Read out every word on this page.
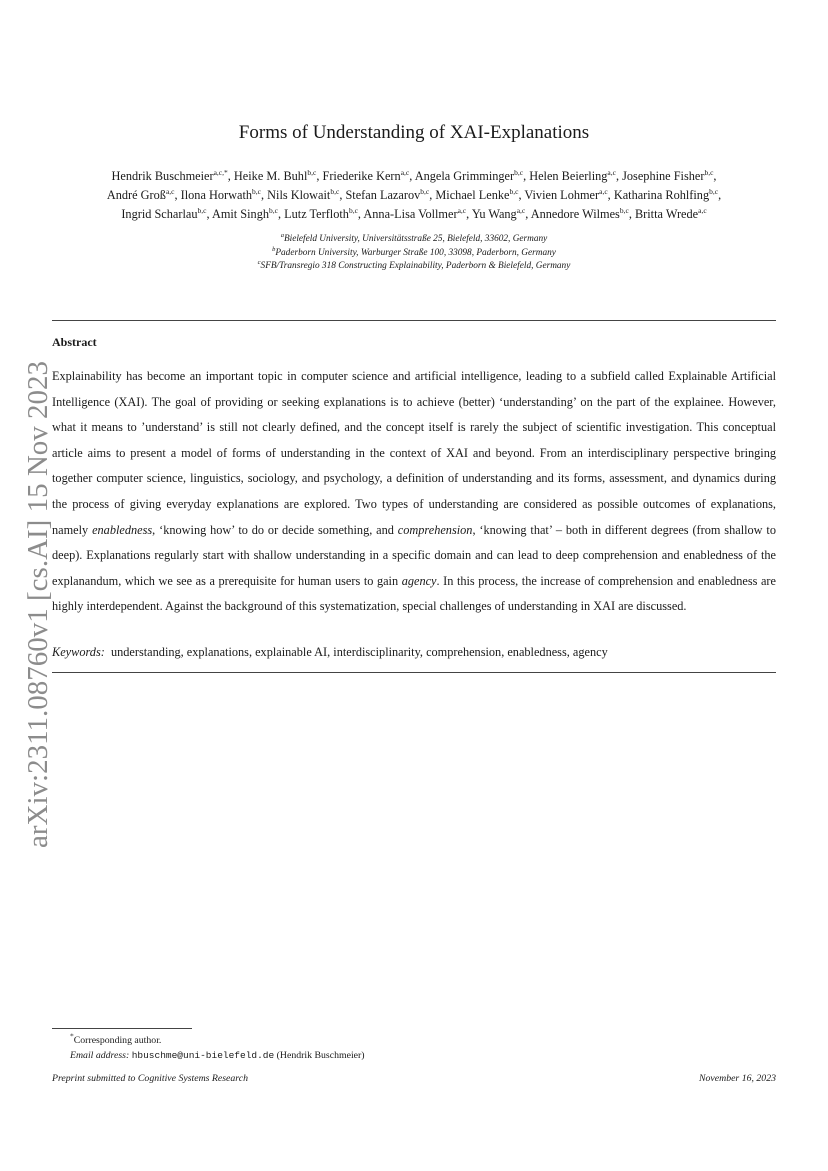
arXiv:2311.08760v1 [cs.AI] 15 Nov 2023
Forms of Understanding of XAI-Explanations
Hendrik Buschmeier$^{a,c,*}$, Heike M. Buhl$^{b,c}$, Friederike Kern$^{a,c}$, Angela Grimminger$^{b,c}$, Helen Beierling$^{a,c}$, Josephine Fisher$^{b,c}$,
André Groß$^{a,c}$, Ilona Horwath$^{b,c}$, Nils Klowait$^{b,c}$, Stefan Lazarov$^{b,c}$, Michael Lenke$^{b,c}$, Vivien Lohmer$^{a,c}$, Katharina Rohlfing$^{b,c}$,
Ingrid Scharlau$^{b,c}$, Amit Singh$^{b,c}$, Lutz Terfloth$^{b,c}$, Anna-Lisa Vollmer$^{a,c}$, Yu Wang$^{a,c}$, Annedore Wilmes$^{b,c}$, Britta Wrede$^{a,c}$
$^a$Bielefeld University, Universitätsstraße 25, Bielefeld, 33602, Germany
$^b$Paderborn University, Warburger Straße 100, 33098, Paderborn, Germany
$^c$SFB/Transregio 318 Constructing Explainability, Paderborn & Bielefeld, Germany
Abstract
Explainability has become an important topic in computer science and artificial intelligence, leading to a subfield called Explainable Artificial Intelligence (XAI). The goal of providing or seeking explanations is to achieve (better) ‘understanding’ on the part of the explainee. However, what it means to ’understand’ is still not clearly defined, and the concept itself is rarely the subject of scientific investigation. This conceptual article aims to present a model of forms of understanding in the context of XAI and beyond. From an interdisciplinary perspective bringing together computer science, linguistics, sociology, and psychology, a definition of understanding and its forms, assessment, and dynamics during the process of giving everyday explanations are explored. Two types of understanding are considered as possible outcomes of explanations, namely enabledness, ‘knowing how’ to do or decide something, and comprehension, ‘knowing that’ – both in different degrees (from shallow to deep). Explanations regularly start with shallow understanding in a specific domain and can lead to deep comprehension and enabledness of the explanandum, which we see as a prerequisite for human users to gain agency. In this process, the increase of comprehension and enabledness are highly interdependent. Against the background of this systematization, special challenges of understanding in XAI are discussed.
Keywords: understanding, explanations, explainable AI, interdisciplinarity, comprehension, enabledness, agency
*Corresponding author.
Email address: hbuschme@uni-bielefeld.de (Hendrik Buschmeier)
Preprint submitted to Cognitive Systems Research	November 16, 2023
